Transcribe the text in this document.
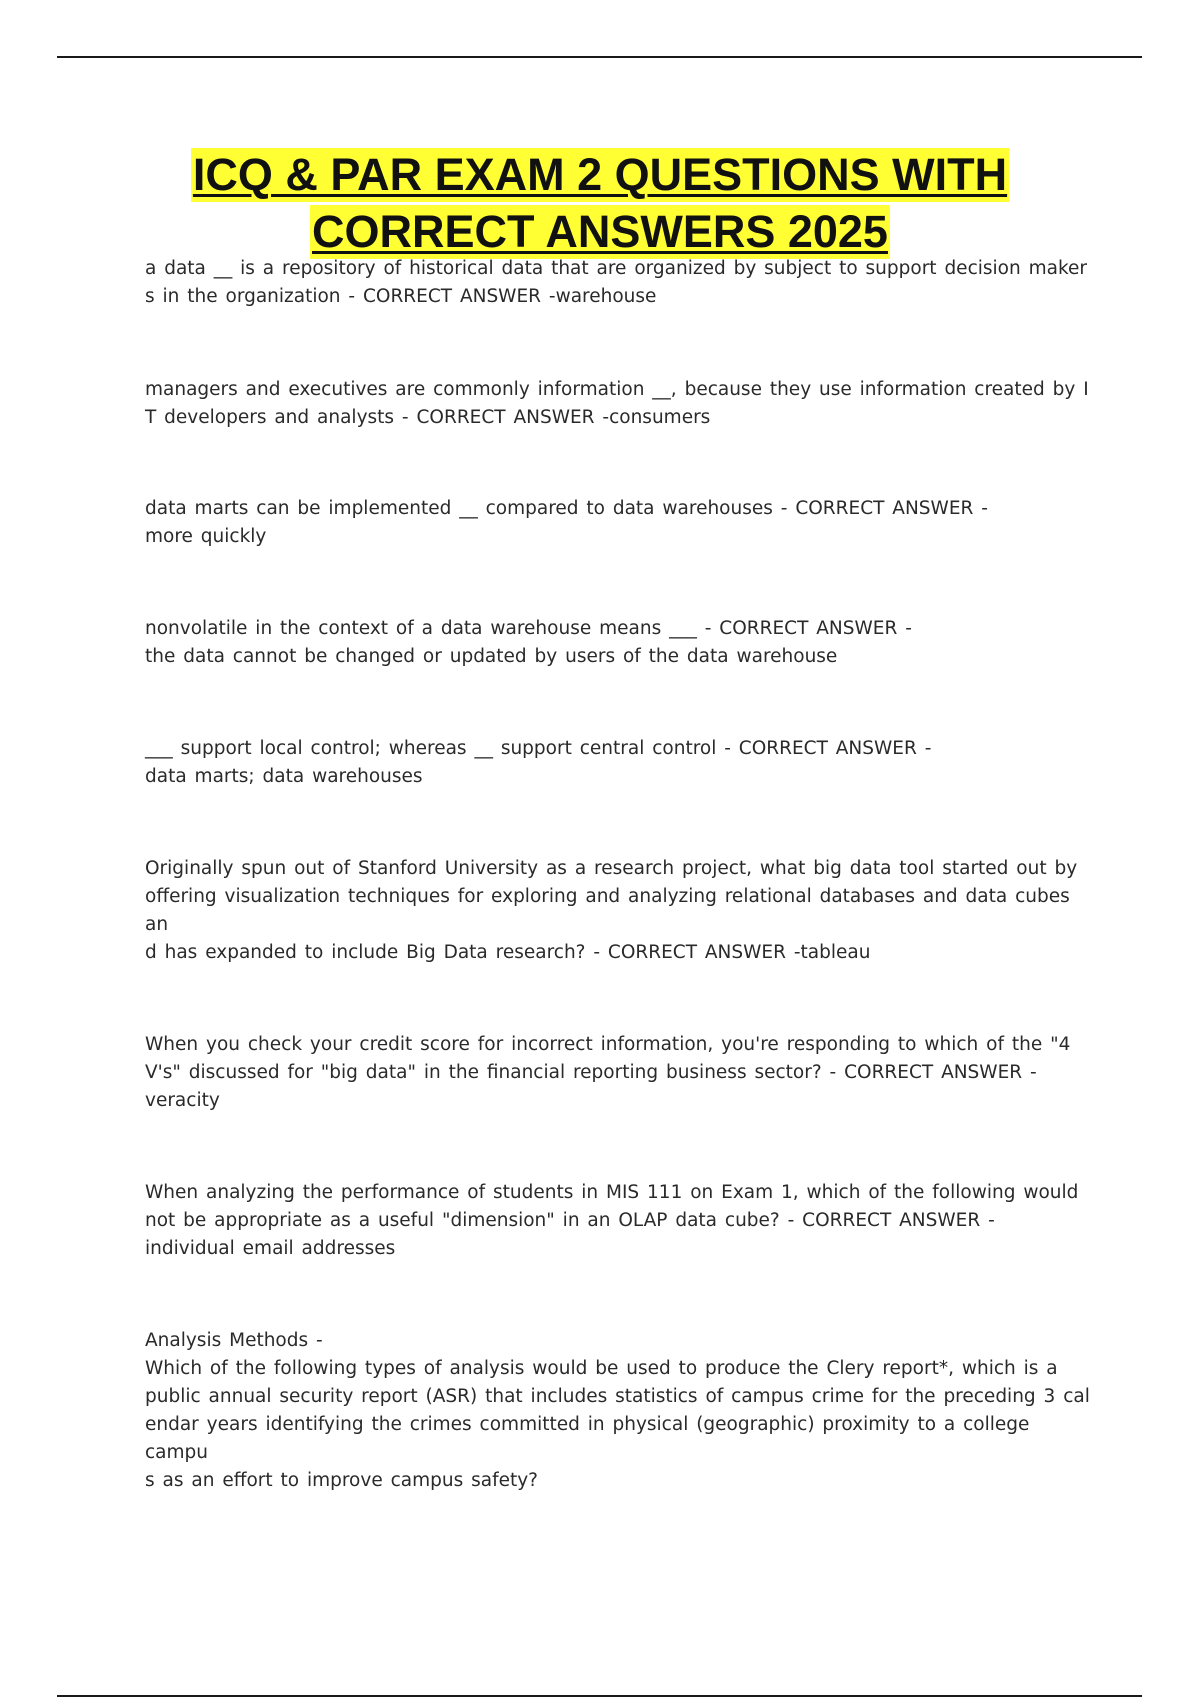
ICQ & PAR EXAM 2 QUESTIONS WITH
CORRECT ANSWERS 2025

a data __ is a repository of historical data that are organized by subject to support decision maker
s in the organization - CORRECT ANSWER -warehouse

managers and executives are commonly information __, because they use information created by I
T developers and analysts - CORRECT ANSWER -consumers

data marts can be implemented __ compared to data warehouses - CORRECT ANSWER -
more quickly

nonvolatile in the context of a data warehouse means ___ - CORRECT ANSWER -
the data cannot be changed or updated by users of the data warehouse

___ support local control; whereas __ support central control - CORRECT ANSWER -
data marts; data warehouses

Originally spun out of Stanford University as a research project, what big data tool started out by
offering visualization techniques for exploring and analyzing relational databases and data cubes an
d has expanded to include Big Data research? - CORRECT ANSWER -tableau

When you check your credit score for incorrect information, you're responding to which of the "4
V's" discussed for "big data" in the financial reporting business sector? - CORRECT ANSWER -
veracity

When analyzing the performance of students in MIS 111 on Exam 1, which of the following would
not be appropriate as a useful "dimension" in an OLAP data cube? - CORRECT ANSWER -
individual email addresses

Analysis Methods -
Which of the following types of analysis would be used to produce the Clery report*, which is a
public annual security report (ASR) that includes statistics of campus crime for the preceding 3 cal
endar years identifying the crimes committed in physical (geographic) proximity to a college campu
s as an effort to improve campus safety?
